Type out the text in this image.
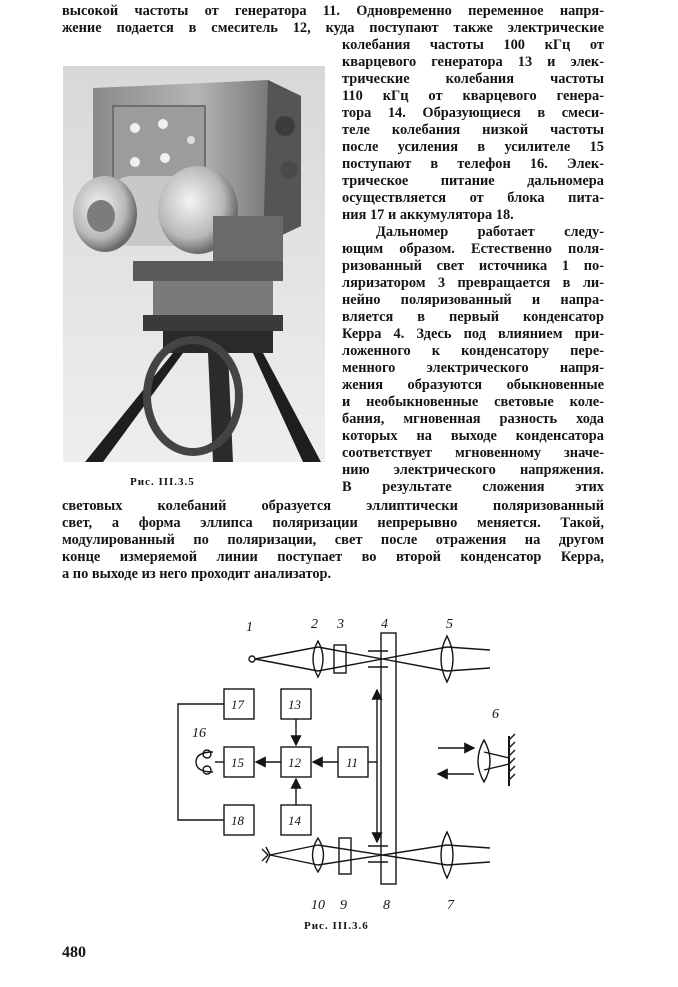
высокой частоты от генератора 11. Одновременно переменное напря-
жение подается в смеситель 12, куда поступают также электрические
Рис. III.3.5
колебания частоты 100 кГц от
кварцевого генератора 13 и элек-
трические колебания частоты
110 кГц от кварцевого генера-
тора 14. Образующиеся в смеси-
теле колебания низкой частоты
после усиления в усилителе 15
поступают в телефон 16. Элек-
трическое питание дальномера
осуществляется от блока пита-
ния 17 и аккумулятора 18.
Дальномер работает следу-
ющим образом. Естественно поля-
ризованный свет источника 1 по-
ляризатором 3 превращается в ли-
нейно поляризованный и напра-
вляется в первый конденсатор
Керра 4. Здесь под влиянием при-
ложенного к конденсатору пере-
менного электрического напря-
жения образуются обыкновенные
и необыкновенные световые коле-
бания, мгновенная разность хода
которых на выходе конденсатора
соответствует мгновенному значе-
нию электрического напряжения.
В результате сложения этих
световых колебаний образуется эллиптически поляризованный
свет, а форма эллипса поляризации непрерывно меняется. Такой,
модулированный по поляризации, свет после отражения на другом
конце измеряемой линии поступает во второй конденсатор Керра,
а по выходе из него проходит анализатор.
1	2 3	4	5
6
16
10 9	8	7
17	13
15	12	11
18	14
Рис. III.3.6
480
